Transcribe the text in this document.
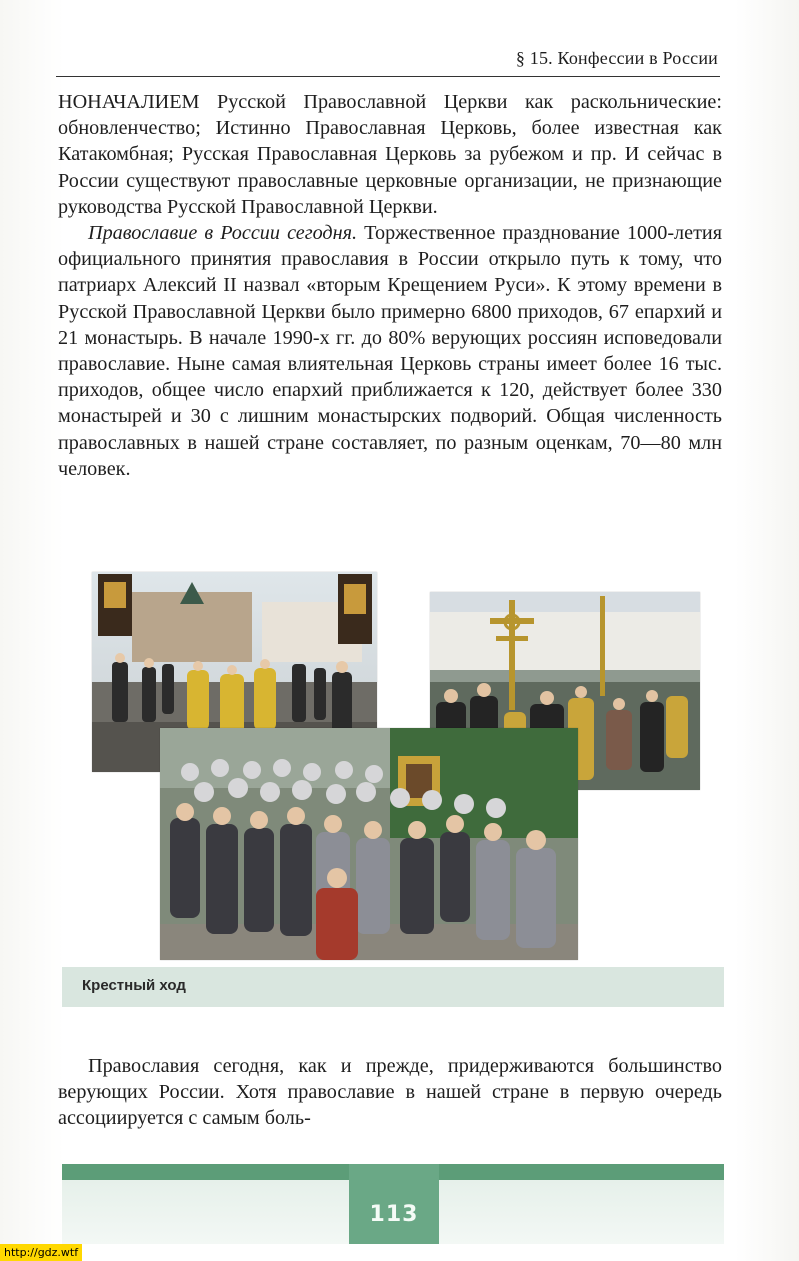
§ 15. Конфессии в России

НОНАЧАЛИЕМ Русской Православной Церкви как раскольнические: обновленчество; Истинно Православная Церковь, более известная как Катакомбная; Русская Православная Церковь за рубежом и пр. И сейчас в России существуют православные церковные организации, не признающие руководства Русской Православной Церкви.

Православие в России сегодня. Торжественное празднование 1000-летия официального принятия православия в России открыло путь к тому, что патриарх Алексий II назвал «вторым Крещением Руси». К этому времени в Русской Православной Церкви было примерно 6800 приходов, 67 епархий и 21 монастырь. В начале 1990-х гг. до 80% верующих россиян исповедовали православие. Ныне самая влиятельная Церковь страны имеет более 16 тыс. приходов, общее число епархий приближается к 120, действует более 330 монастырей и 30 с лишним монастырских подворий. Общая численность православных в нашей стране составляет, по разным оценкам, 70—80 млн человек.

Крестный ход

Православия сегодня, как и прежде, придерживаются большинство верующих России. Хотя православие в нашей стране в первую очередь ассоциируется с самым боль-

113
http://gdz.wtf
